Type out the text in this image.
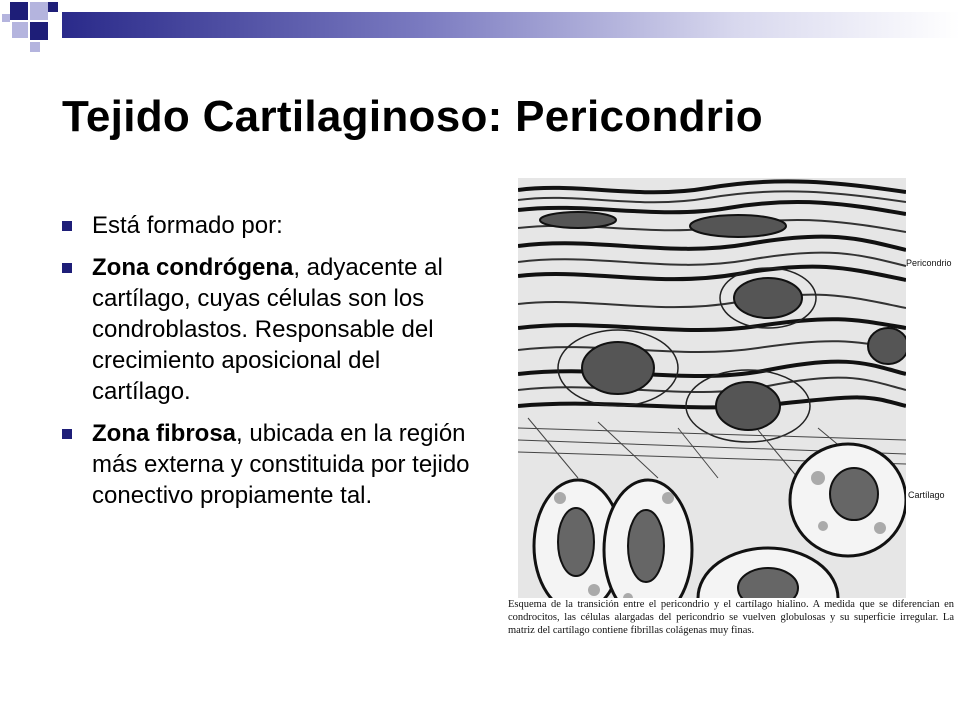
Tejido Cartilaginoso: Pericondrio
Está formado por:
Zona condrógena, adyacente al cartílago, cuyas células son los condroblastos. Responsable del crecimiento aposicional del cartílago.
Zona fibrosa, ubicada en la región más externa y constituida por tejido conectivo propiamente tal.
Pericondrio
Cartílago
Esquema de la transición entre el pericondrio y el cartílago hialino. A medida que se diferencian en condrocitos, las células alargadas del pericondrio se vuelven globulosas y su superficie irregular. La matriz del cartílago contiene fibrillas colágenas muy finas.
